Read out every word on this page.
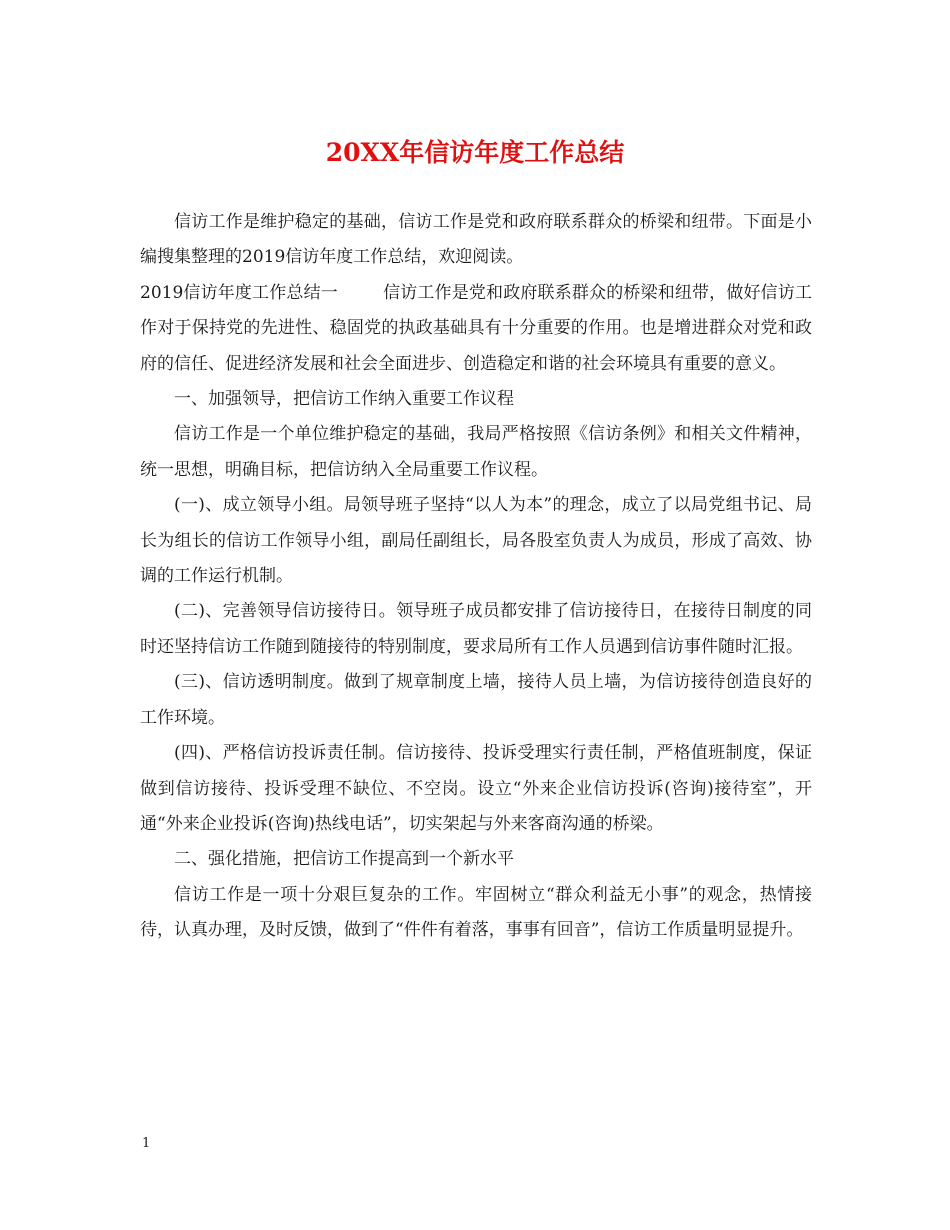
20XX年信访年度工作总结

信访工作是维护稳定的基础，信访工作是党和政府联系群众的桥梁和纽带。下面是小编搜集整理的2019信访年度工作总结，欢迎阅读。

2019信访年度工作总结一	信访工作是党和政府联系群众的桥梁和纽带，做好信访工作对于保持党的先进性、稳固党的执政基础具有十分重要的作用。也是增进群众对党和政府的信任、促进经济发展和社会全面进步、创造稳定和谐的社会环境具有重要的意义。

一、加强领导，把信访工作纳入重要工作议程

信访工作是一个单位维护稳定的基础，我局严格按照《信访条例》和相关文件精神，统一思想，明确目标，把信访纳入全局重要工作议程。

(一)、成立领导小组。局领导班子坚持“以人为本”的理念，成立了以局党组书记、局长为组长的信访工作领导小组，副局任副组长，局各股室负责人为成员，形成了高效、协调的工作运行机制。

(二)、完善领导信访接待日。领导班子成员都安排了信访接待日，在接待日制度的同时还坚持信访工作随到随接待的特别制度，要求局所有工作人员遇到信访事件随时汇报。

(三)、信访透明制度。做到了规章制度上墙，接待人员上墙，为信访接待创造良好的工作环境。

(四)、严格信访投诉责任制。信访接待、投诉受理实行责任制，严格值班制度，保证做到信访接待、投诉受理不缺位、不空岗。设立“外来企业信访投诉(咨询)接待室”，开通“外来企业投诉(咨询)热线电话”，切实架起与外来客商沟通的桥梁。

二、强化措施，把信访工作提高到一个新水平

信访工作是一项十分艰巨复杂的工作。牢固树立“群众利益无小事”的观念，热情接待，认真办理，及时反馈，做到了“件件有着落，事事有回音”，信访工作质量明显提升。

1
